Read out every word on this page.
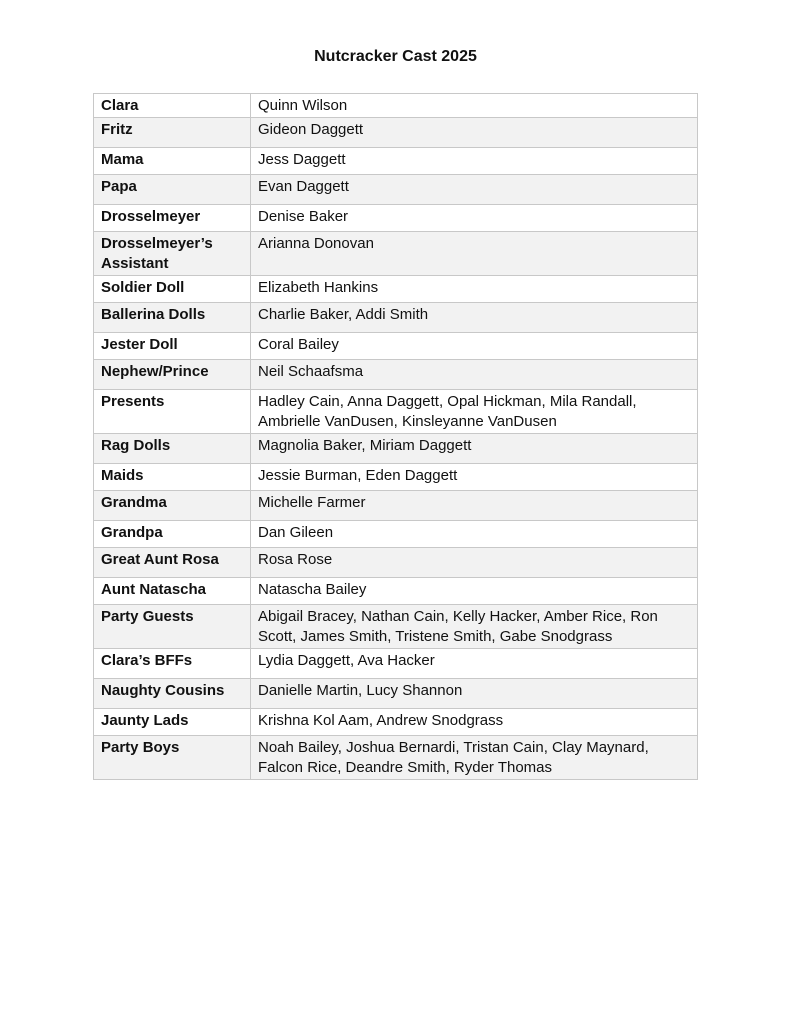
Nutcracker Cast 2025
Clara	Quinn Wilson
Fritz	Gideon Daggett
Mama	Jess Daggett
Papa	Evan Daggett
Drosselmeyer	Denise Baker
Drosselmeyer’s Assistant	Arianna Donovan
Soldier Doll	Elizabeth Hankins
Ballerina Dolls	Charlie Baker, Addi Smith
Jester Doll	Coral Bailey
Nephew/Prince	Neil Schaafsma
Presents	Hadley Cain, Anna Daggett, Opal Hickman, Mila Randall, Ambrielle VanDusen, Kinsleyanne VanDusen
Rag Dolls	Magnolia Baker, Miriam Daggett
Maids	Jessie Burman, Eden Daggett
Grandma	Michelle Farmer
Grandpa	Dan Gileen
Great Aunt Rosa	Rosa Rose
Aunt Natascha	Natascha Bailey
Party Guests	Abigail Bracey, Nathan Cain, Kelly Hacker, Amber Rice, Ron Scott, James Smith, Tristene Smith, Gabe Snodgrass
Clara’s BFFs	Lydia Daggett, Ava Hacker
Naughty Cousins	Danielle Martin, Lucy Shannon
Jaunty Lads	Krishna Kol Aam, Andrew Snodgrass
Party Boys	Noah Bailey, Joshua Bernardi, Tristan Cain, Clay Maynard, Falcon Rice, Deandre Smith, Ryder Thomas
